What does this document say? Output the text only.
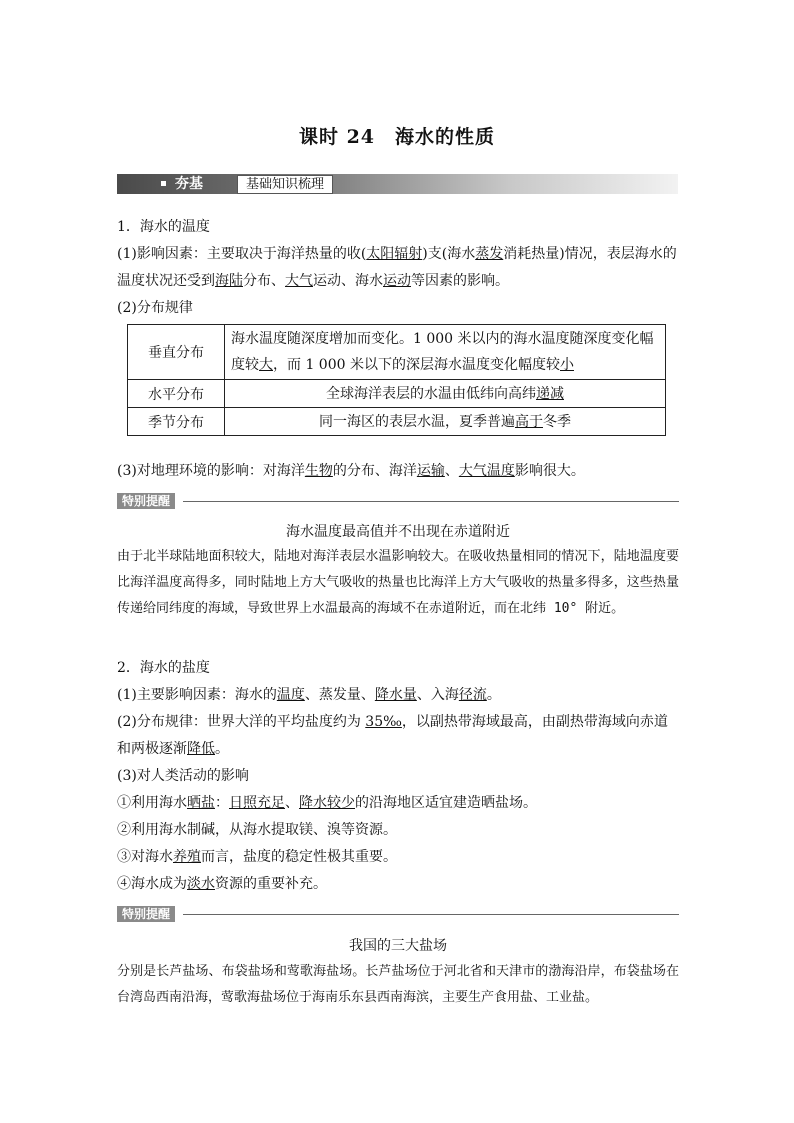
课时 24　海水的性质
夯基	基础知识梳理
1．海水的温度
(1)影响因素：主要取决于海洋热量的收(太阳辐射)支(海水蒸发消耗热量)情况，表层海水的温度状况还受到海陆分布、大气运动、海水运动等因素的影响。
(2)分布规律
垂直分布	海水温度随深度增加而变化。1 000 米以内的海水温度随深度变化幅度较大，而 1 000 米以下的深层海水温度变化幅度较小
水平分布	全球海洋表层的水温由低纬向高纬递减
季节分布	同一海区的表层水温，夏季普遍高于冬季
(3)对地理环境的影响：对海洋生物的分布、海洋运输、大气温度影响很大。
特别提醒
海水温度最高值并不出现在赤道附近
由于北半球陆地面积较大，陆地对海洋表层水温影响较大。在吸收热量相同的情况下，陆地温度要比海洋温度高得多，同时陆地上方大气吸收的热量也比海洋上方大气吸收的热量多得多，这些热量传递给同纬度的海域，导致世界上水温最高的海域不在赤道附近，而在北纬 10° 附近。
2．海水的盐度
(1)主要影响因素：海水的温度、蒸发量、降水量、入海径流。
(2)分布规律：世界大洋的平均盐度约为 35‰，以副热带海域最高，由副热带海域向赤道和两极逐渐降低。
(3)对人类活动的影响
①利用海水晒盐：日照充足、降水较少的沿海地区适宜建造晒盐场。
②利用海水制碱，从海水提取镁、溴等资源。
③对海水养殖而言，盐度的稳定性极其重要。
④海水成为淡水资源的重要补充。
特别提醒
我国的三大盐场
分别是长芦盐场、布袋盐场和莺歌海盐场。长芦盐场位于河北省和天津市的渤海沿岸，布袋盐场在台湾岛西南沿海，莺歌海盐场位于海南乐东县西南海滨，主要生产食用盐、工业盐。
